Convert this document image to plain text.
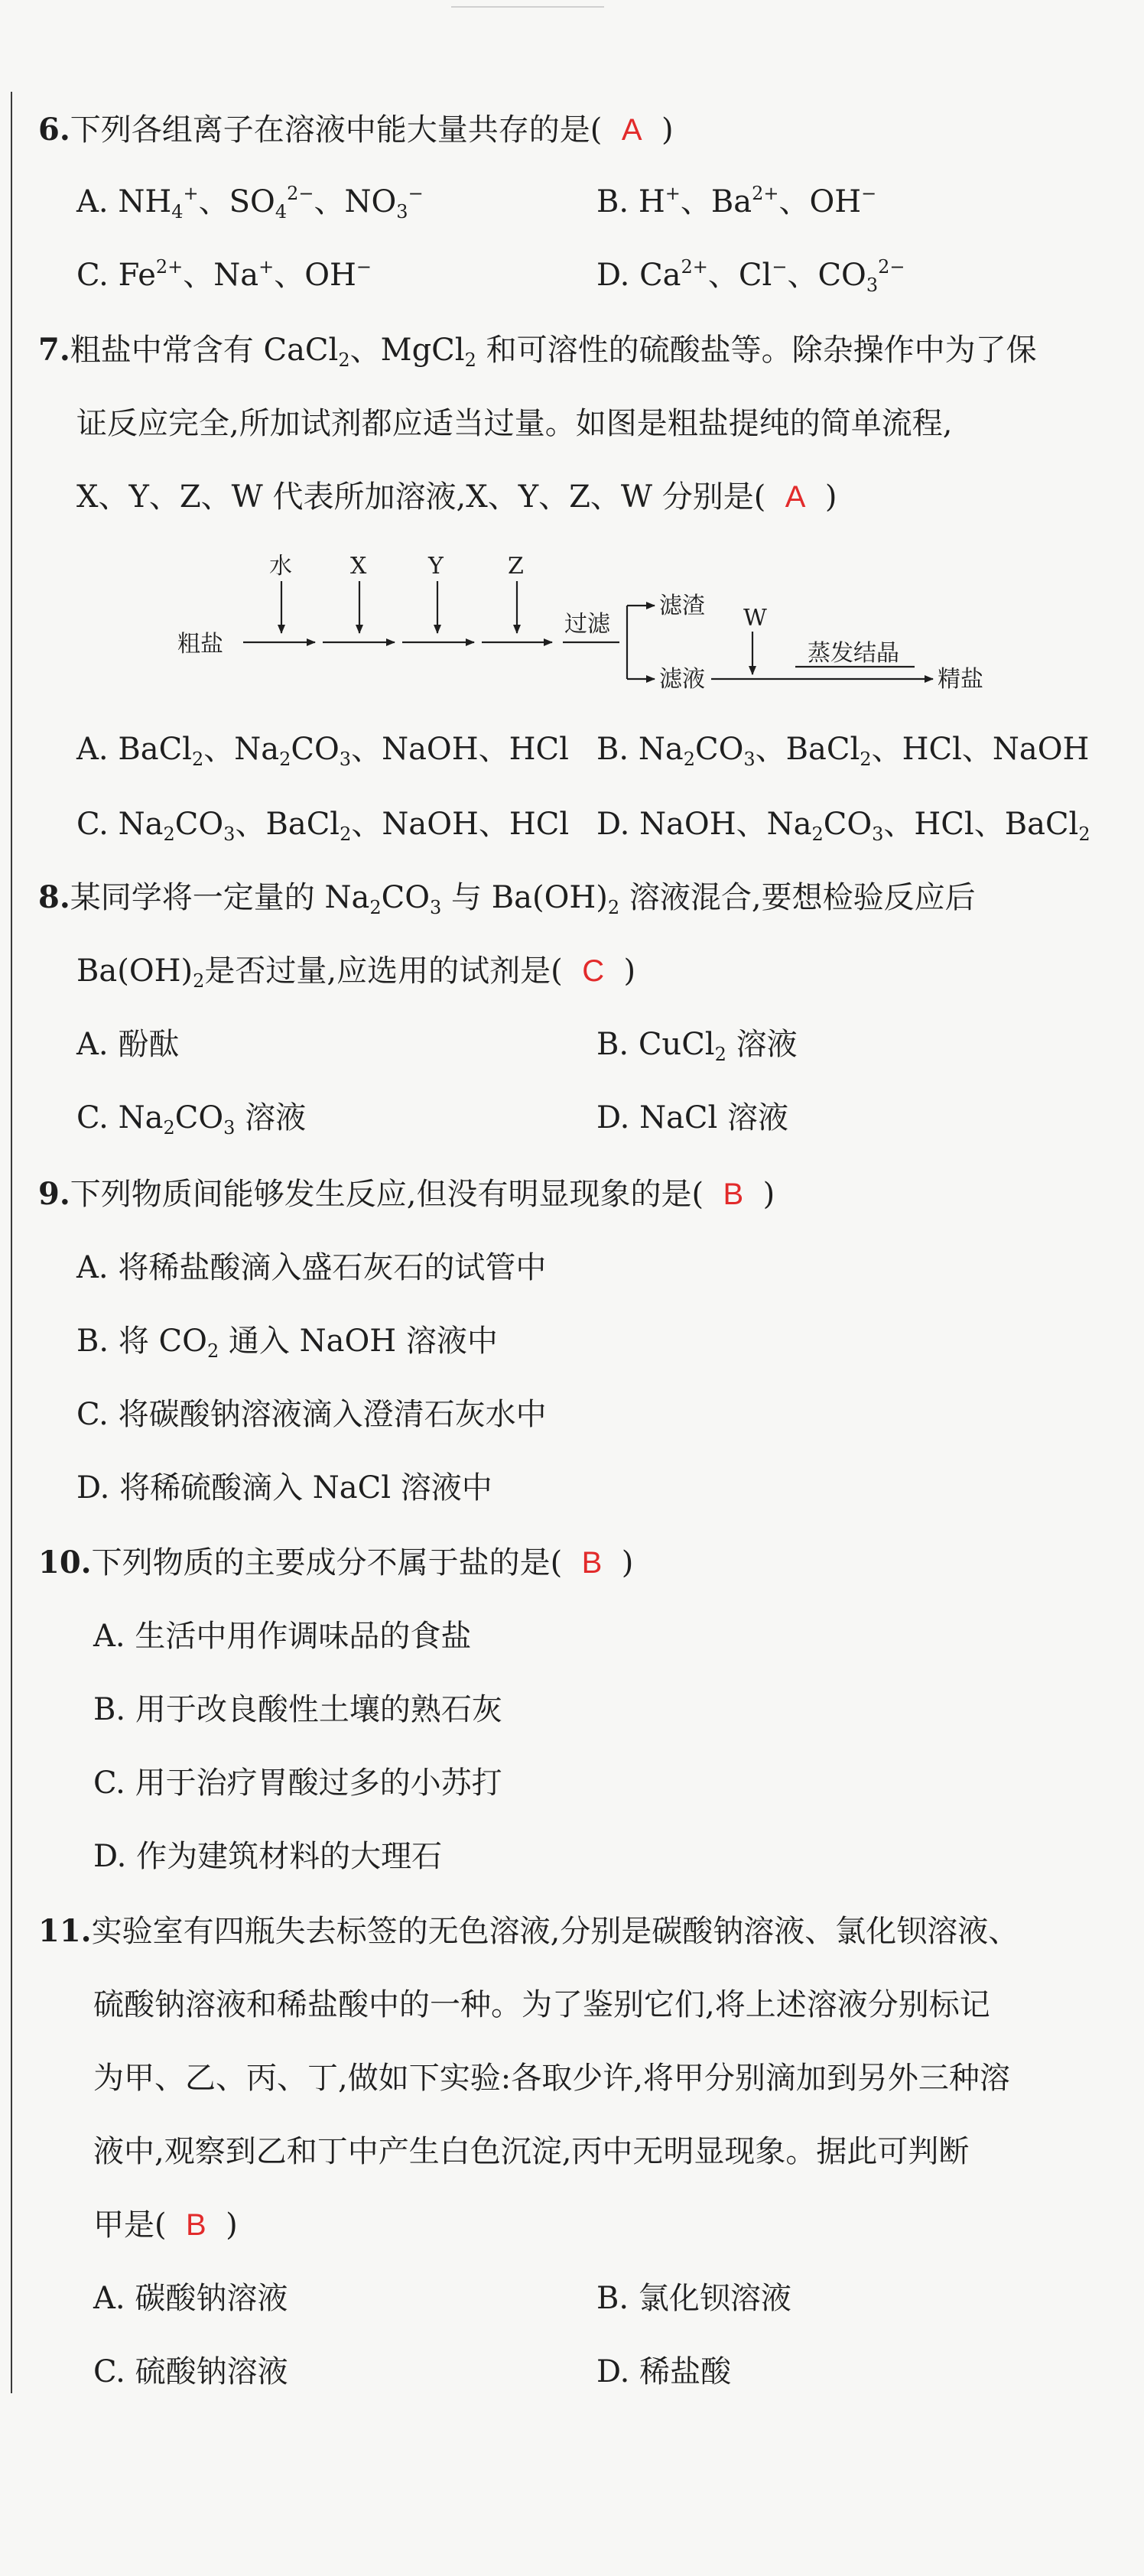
6.下列各组离子在溶液中能大量共存的是( A )
A. $NH_4^+$、$SO_4^{2-}$、$NO_3^-$	B. H+、$Ba^{2+}$、OH−
C. $Fe^{2+}$、Na+、OH−	D. $Ca^{2+}$、Cl−、$CO_3^{2-}$
7.粗盐中常含有 CaCl$_2$、MgCl$_2$ 和可溶性的硫酸盐等。除杂操作中为了保
证反应完全,所加试剂都应适当过量。如图是粗盐提纯的简单流程,
X、Y、Z、W 代表所加溶液,X、Y、Z、W 分别是( A )
水	X	Y	Z
粗盐
过滤
滤渣
滤液
W
蒸发结晶
精盐
A. BaCl$_2$、$Na_2CO_3$、NaOH、HCl B. $Na_2CO_3$、BaCl$_2$、HCl、NaOH
C. $Na_2CO_3$、BaCl$_2$、NaOH、HCl D. NaOH、$Na_2CO_3$、HCl、BaCl$_2$
8.某同学将一定量的 $Na_2CO_3$ 与 $Ba(OH)_2$ 溶液混合,要想检验反应后
$Ba(OH)_2$是否过量,应选用的试剂是( C )
A. 酚酞	B. CuCl$_2$ 溶液
C. $Na_2CO_3$ 溶液	D. NaCl 溶液
9.下列物质间能够发生反应,但没有明显现象的是( B )
A. 将稀盐酸滴入盛石灰石的试管中
B. 将 $CO_2$ 通入 NaOH 溶液中
C. 将碳酸钠溶液滴入澄清石灰水中
D. 将稀硫酸滴入 NaCl 溶液中
10.下列物质的主要成分不属于盐的是( B )
A. 生活中用作调味品的食盐
B. 用于改良酸性土壤的熟石灰
C. 用于治疗胃酸过多的小苏打
D. 作为建筑材料的大理石
11.实验室有四瓶失去标签的无色溶液,分别是碳酸钠溶液、氯化钡溶液、
硫酸钠溶液和稀盐酸中的一种。为了鉴别它们,将上述溶液分别标记
为甲、乙、丙、丁,做如下实验:各取少许,将甲分别滴加到另外三种溶
液中,观察到乙和丁中产生白色沉淀,丙中无明显现象。据此可判断
甲是( B )
A. 碳酸钠溶液	B. 氯化钡溶液
C. 硫酸钠溶液	D. 稀盐酸
